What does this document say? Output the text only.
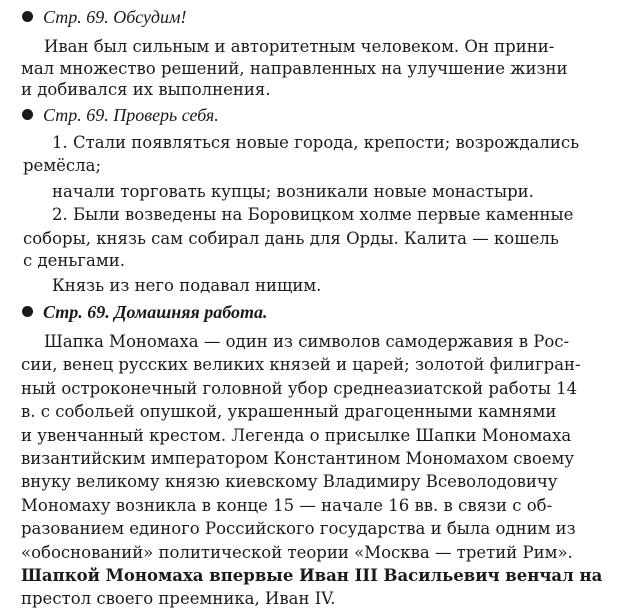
Стр. 69. Обсудим!
Иван был сильным и авторитетным человеком. Он прини-
мал множество решений, направленных на улучшение жизни
и добивался их выполнения.
Стр. 69. Проверь себя.
1. Стали появляться новые города, крепости; возрождались
ремёсла;
начали торговать купцы; возникали новые монастыри.
2. Были возведены на Боровицком холме первые каменные
соборы, князь сам собирал дань для Орды. Калита — кошель
с деньгами.
Князь из него подавал нищим.
Стр. 69. Домашняя работа.
Шапка Мономаха — один из символов самодержавия в Рос-
сии, венец русских великих князей и царей; золотой филигран-
ный остроконечный головной убор среднеазиатской работы 14
в. с собольей опушкой, украшенный драгоценными камнями
и увенчанный крестом. Легенда о присылке Шапки Мономаха
византийским императором Константином Мономахом своему
внуку великому князю киевскому Владимиру Всеволодовичу
Мономаху возникла в конце 15 — начале 16 вв. в связи с об-
разованием единого Российского государства и была одним из
«обоснований» политической теории «Москва — третий Рим».
Шапкой Мономаха впервые Иван III Васильевич венчал на
престол своего преемника, Иван IV.
